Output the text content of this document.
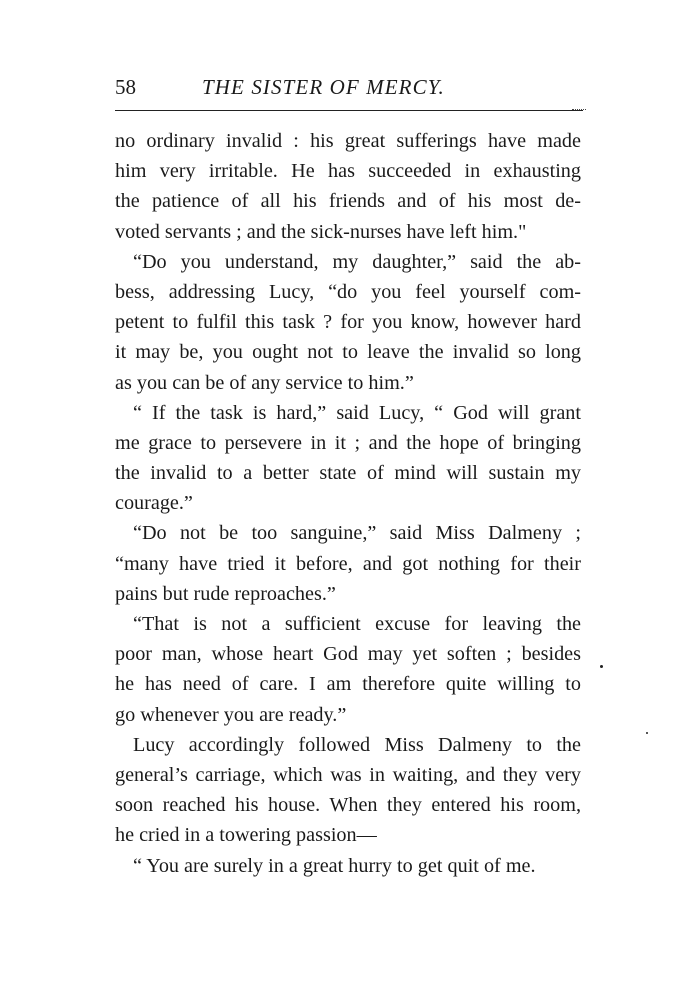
58	THE SISTER OF MERCY.
no ordinary invalid : his great sufferings have made
him very irritable. He has succeeded in exhausting
the patience of all his friends and of his most de-
voted servants ; and the sick-nurses have left him."
“Do you understand, my daughter,” said the ab-
bess, addressing Lucy, “do you feel yourself com-
petent to fulfil this task ? for you know, however hard
it may be, you ought not to leave the invalid so long
as you can be of any service to him.”
“ If the task is hard,” said Lucy, “ God will grant
me grace to persevere in it ; and the hope of bringing
the invalid to a better state of mind will sustain my
courage.”
“Do not be too sanguine,” said Miss Dalmeny ;
“many have tried it before, and got nothing for their
pains but rude reproaches.”
“That is not a sufficient excuse for leaving the
poor man, whose heart God may yet soften ; besides
he has need of care. I am therefore quite willing to
go whenever you are ready.”
Lucy accordingly followed Miss Dalmeny to the
general’s carriage, which was in waiting, and they very
soon reached his house. When they entered his room,
he cried in a towering passion—
“ You are surely in a great hurry to get quit of me.
